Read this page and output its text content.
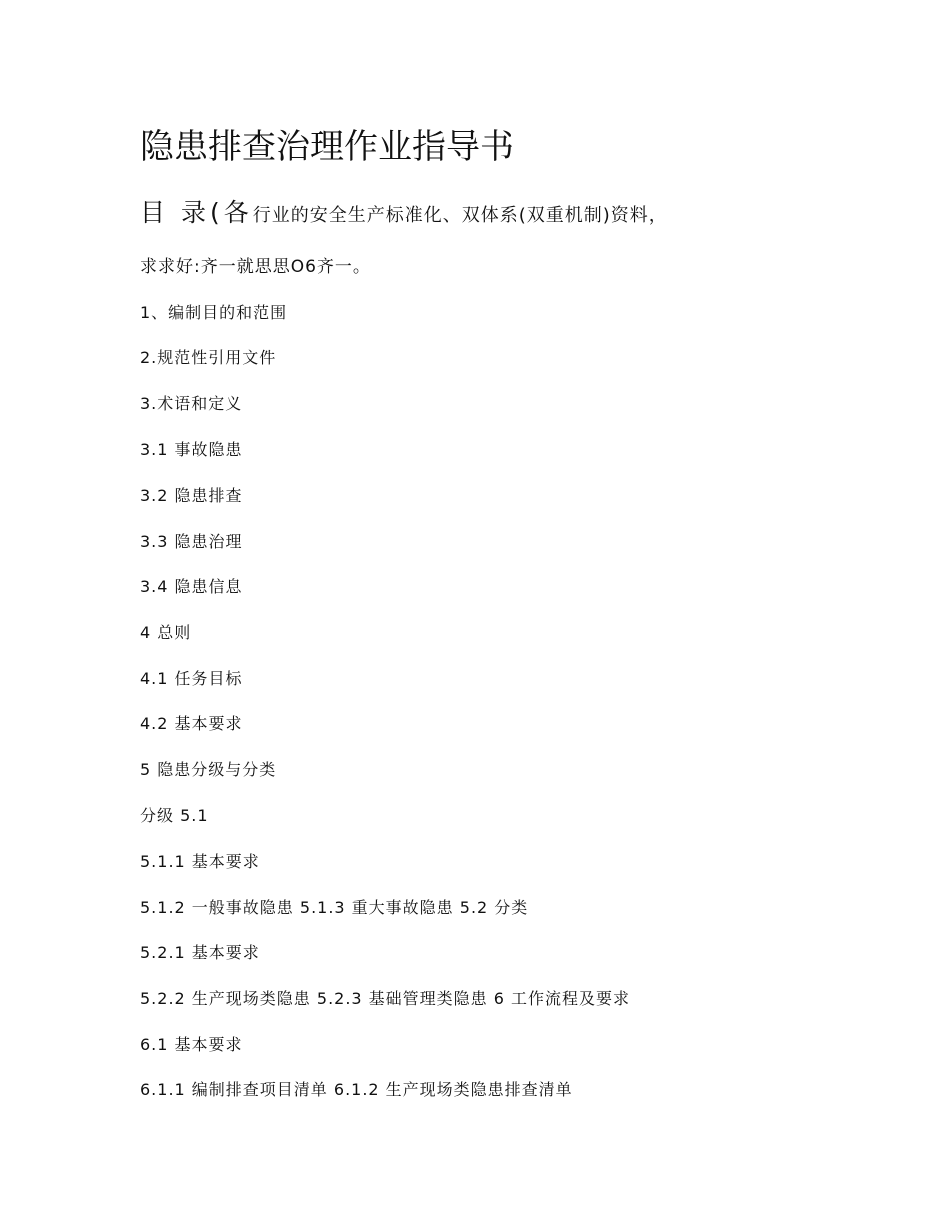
隐患排查治理作业指导书
目 录(各行业的安全生产标准化、双体系(双重机制)资料，
求求好:齐一就思思O6齐一。
1、编制目的和范围
2.规范性引用文件
3.术语和定义
3.1 事故隐患
3.2 隐患排查
3.3 隐患治理
3.4 隐患信息
4 总则
4.1 任务目标
4.2 基本要求
5 隐患分级与分类
分级 5.1
5.1.1 基本要求
5.1.2 一般事故隐患 5.1.3 重大事故隐患 5.2 分类
5.2.1 基本要求
5.2.2 生产现场类隐患 5.2.3 基础管理类隐患 6 工作流程及要求
6.1 基本要求
6.1.1 编制排查项目清单 6.1.2 生产现场类隐患排查清单
